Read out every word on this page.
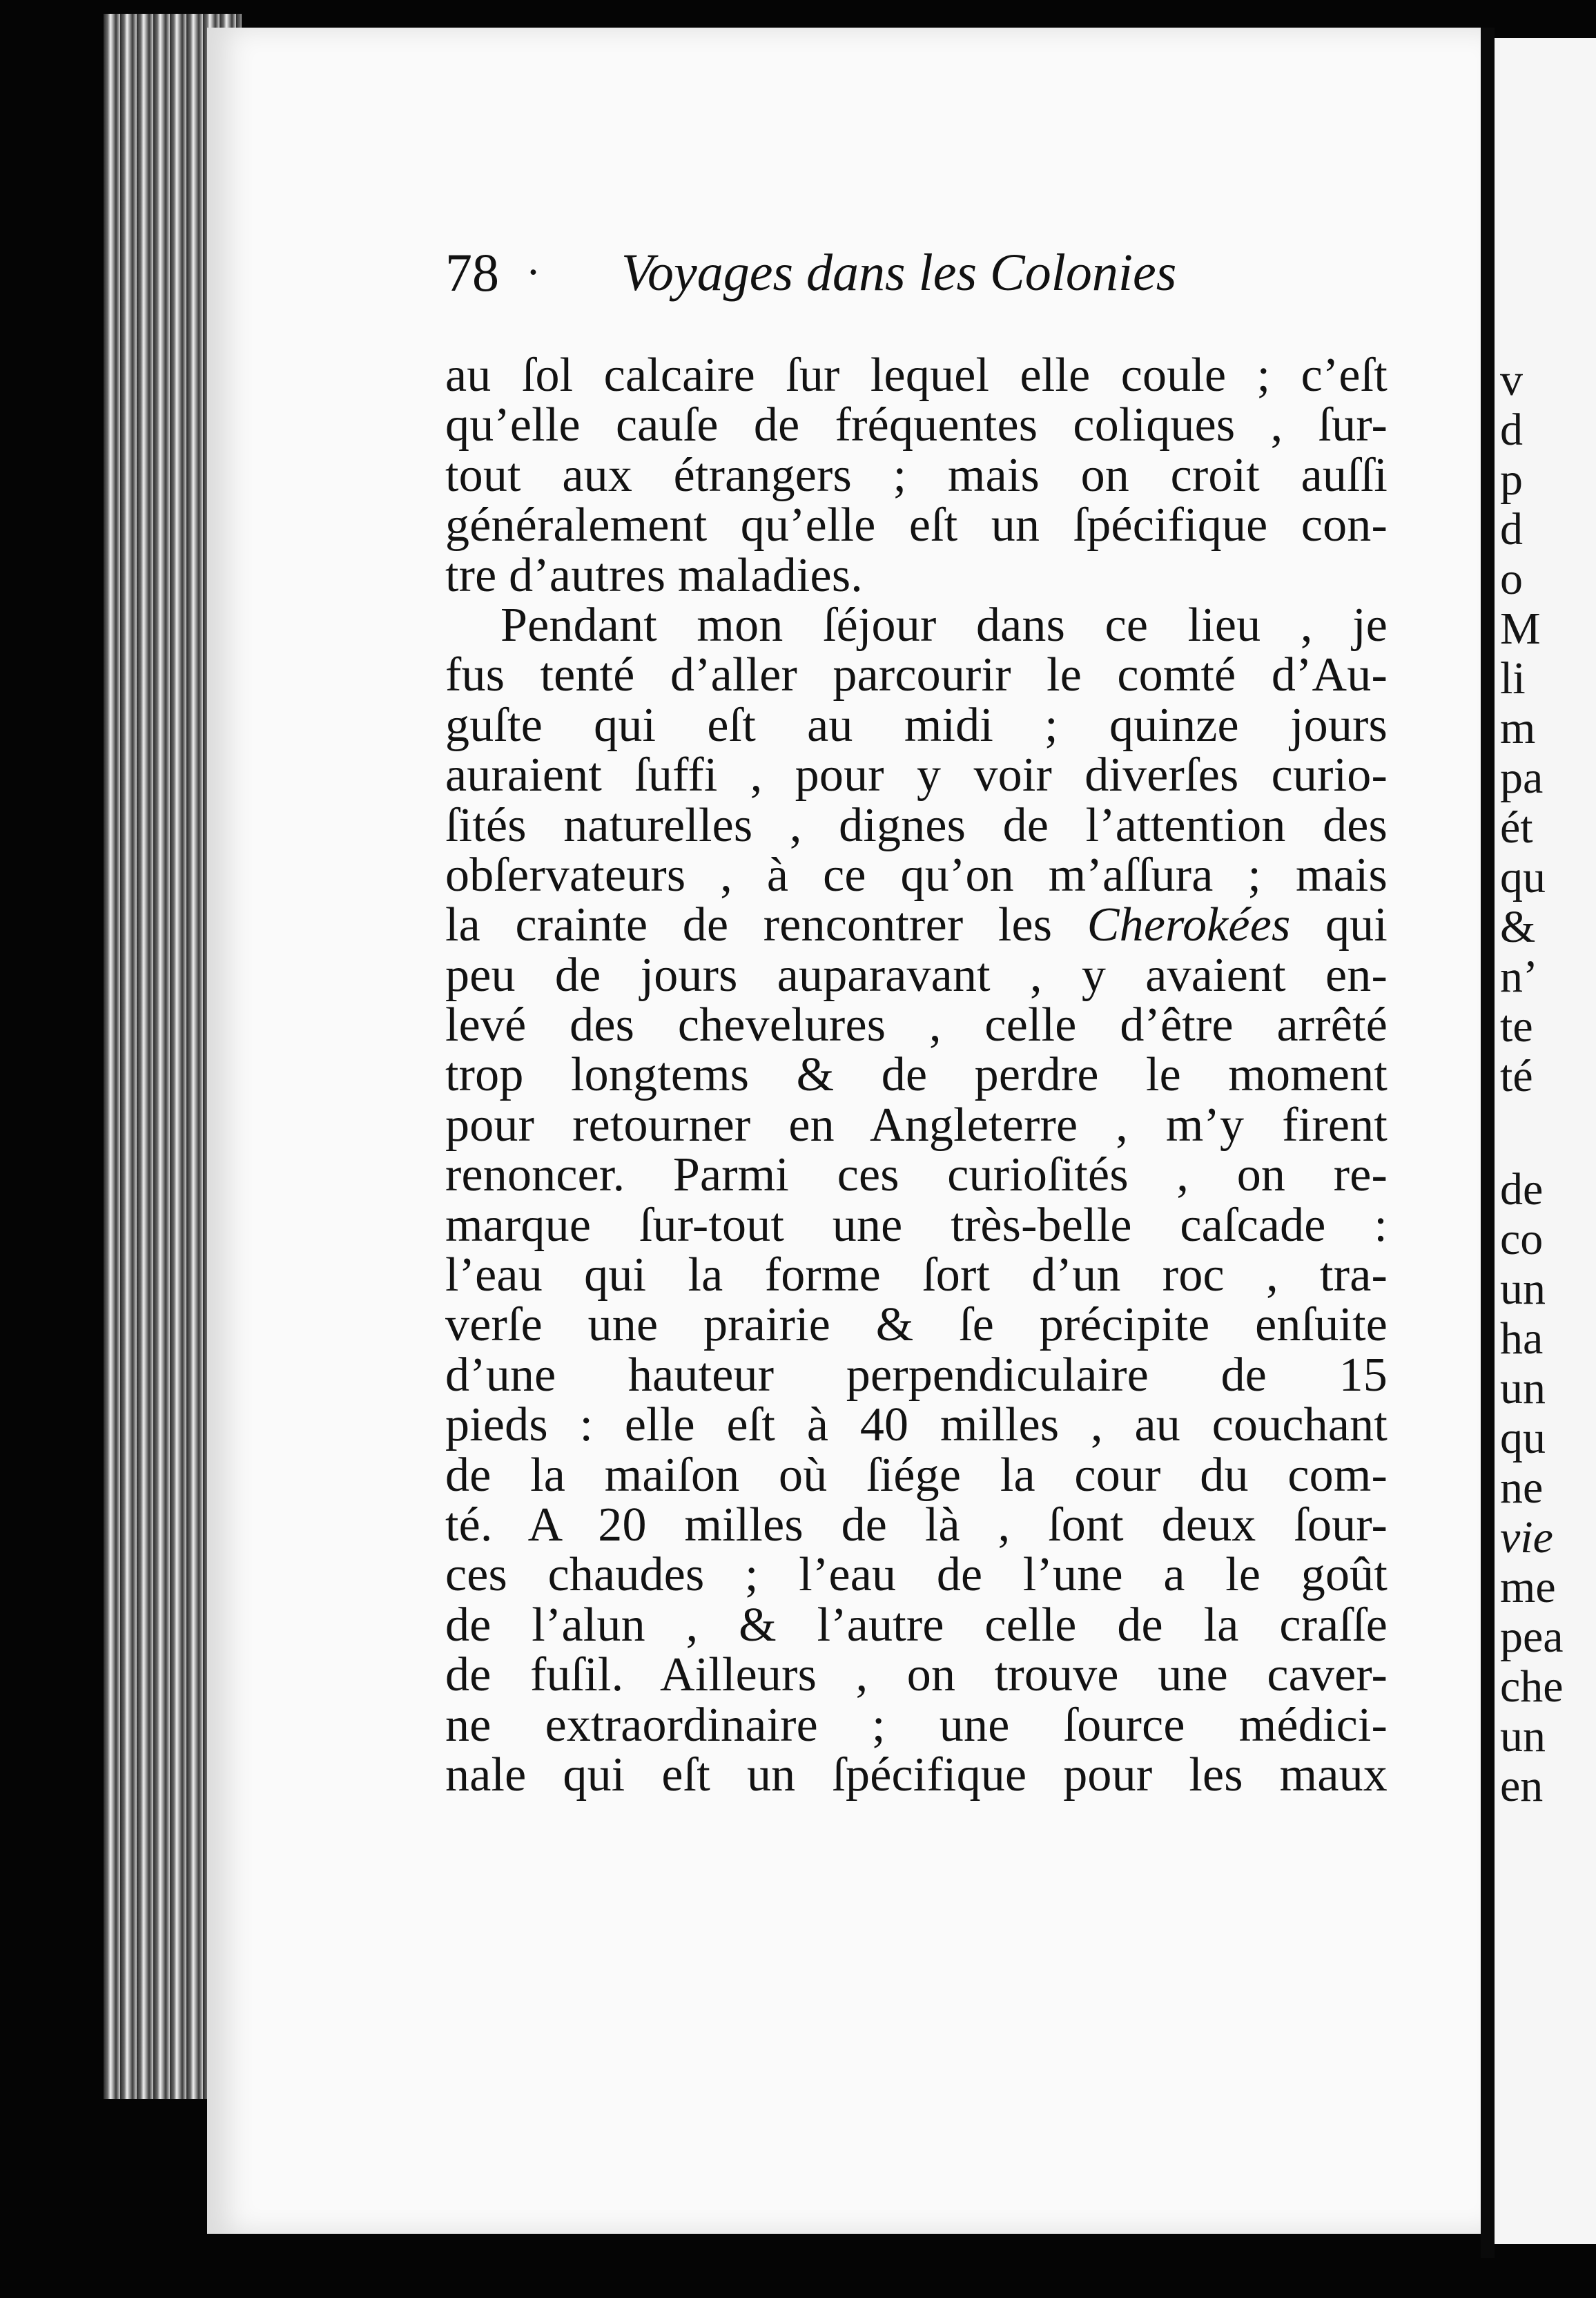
78 · Voyages dans les Colonies
au ſol calcaire ſur lequel elle coule ; c’eſt
qu’elle cauſe de fréquentes coliques , ſur-
tout aux étrangers ; mais on croit auſſi
généralement qu’elle eſt un ſpécifique con-
tre d’autres maladies.
Pendant mon ſéjour dans ce lieu , je
fus tenté d’aller parcourir le comté d’Au-
guſte qui eſt au midi ; quinze jours
auraient ſuffi , pour y voir diverſes curio-
ſités naturelles , dignes de l’attention des
obſervateurs , à ce qu’on m’aſſura ; mais
la crainte de rencontrer les Cherokées qui
peu de jours auparavant , y avaient en-
levé des chevelures , celle d’être arrêté
trop longtems & de perdre le moment
pour retourner en Angleterre , m’y firent
renoncer. Parmi ces curioſités , on re-
marque ſur-tout une très-belle caſcade :
l’eau qui la forme ſort d’un roc , tra-
verſe une prairie & ſe précipite enſuite
d’une hauteur perpendiculaire de 15
pieds : elle eſt à 40 milles , au couchant
de la maiſon où ſiége la cour du com-
té. A 20 milles de là , ſont deux ſour-
ces chaudes ; l’eau de l’une a le goût
de l’alun , & l’autre celle de la craſſe
de fuſil. Ailleurs , on trouve une caver-
ne extraordinaire ; une ſource médici-
nale qui eſt un ſpécifique pour les maux
v
d
p
d
o
M
li
m
pa
ét
qu
&
n’
te
té
de
co
un
ha
un
qu
ne
vie
me
pea
che
un
en
